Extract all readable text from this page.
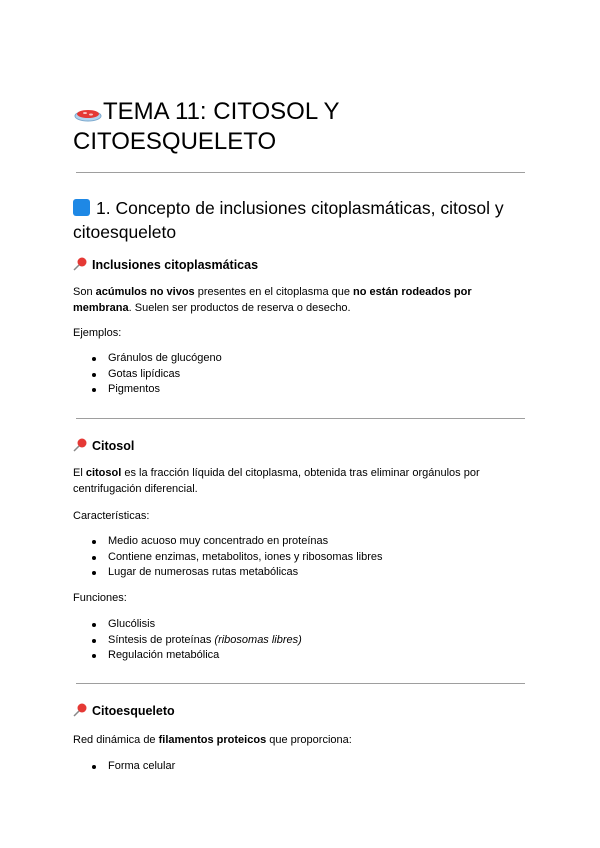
TEMA 11: CITOSOL Y CITOESQUELETO
1. Concepto de inclusiones citoplasmáticas, citosol y citoesqueleto
Inclusiones citoplasmáticas

Son acúmulos no vivos presentes en el citoplasma que no están rodeados por membrana. Suelen ser productos de reserva o desecho.

Ejemplos:

Gránulos de glucógeno
Gotas lipídicas
Pigmentos
Citosol

El citosol es la fracción líquida del citoplasma, obtenida tras eliminar orgánulos por centrifugación diferencial.

Características:

Medio acuoso muy concentrado en proteínas
Contiene enzimas, metabolitos, iones y ribosomas libres
Lugar de numerosas rutas metabólicas

Funciones:

Glucólisis
Síntesis de proteínas (ribosomas libres)
Regulación metabólica
Citoesqueleto

Red dinámica de filamentos proteicos que proporciona:

Forma celular
